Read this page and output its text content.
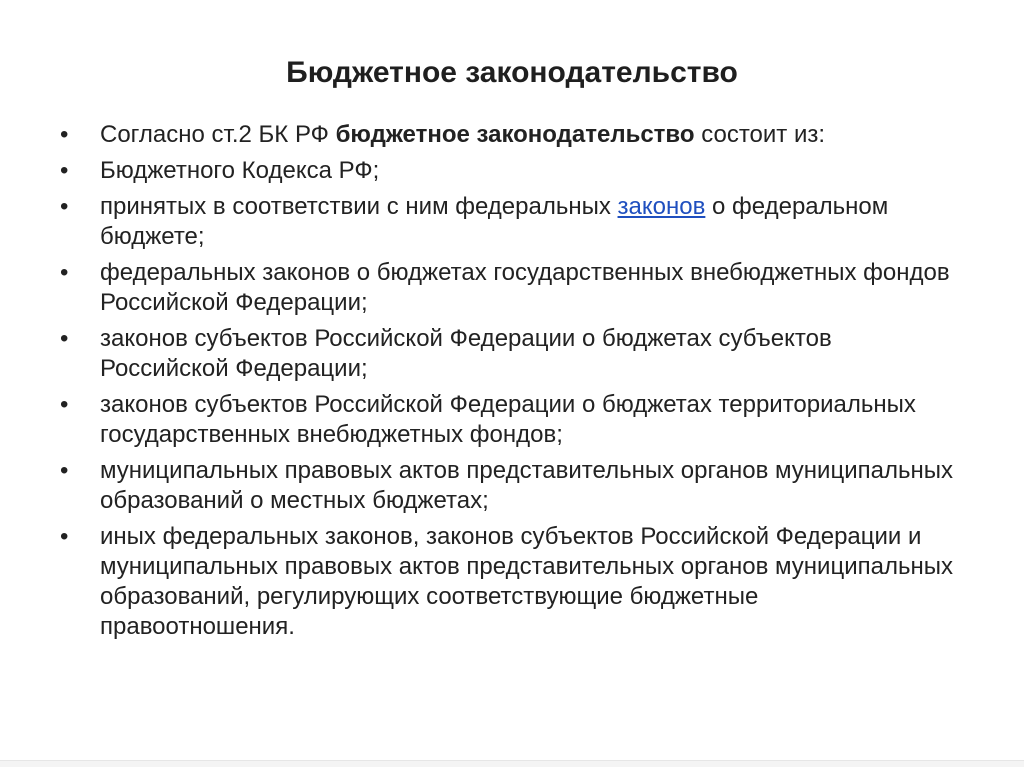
Бюджетное законодательство
•	Согласно ст.2 БК РФ бюджетное законодательство состоит из:
•	Бюджетного Кодекса РФ;
•	принятых в соответствии с ним федеральных законов о федеральном бюджете;
•	федеральных законов о бюджетах государственных внебюджетных фондов Российской Федерации;
•	законов субъектов Российской Федерации о бюджетах субъектов Российской Федерации;
•	законов субъектов Российской Федерации о бюджетах территориальных государственных внебюджетных фондов;
•	муниципальных правовых актов представительных органов муниципальных образований о местных бюджетах;
•	иных федеральных законов, законов субъектов Российской Федерации и муниципальных правовых актов представительных органов муниципальных образований, регулирующих соответствующие бюджетные правоотношения.
